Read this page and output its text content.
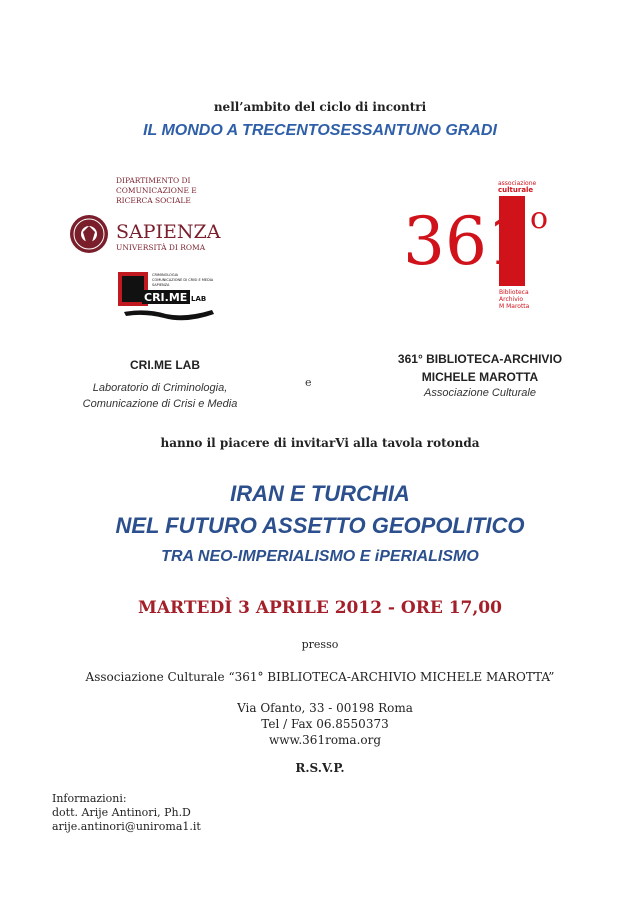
nell’ambito del ciclo di incontri
IL MONDO A TRECENTOSESSANTUNO GRADI
DIPARTIMENTO DI
COMUNICAZIONE E
RICERCA SOCIALE
SAPIENZA
UNIVERSITÀ DI ROMA
CRIMINOLOGIA
COMUNICAZIONE DI CRISI E MEDIA
SAPIENZA
CRI.ME LAB
associazione
culturale
361 o
Biblioteca
Archivio
M Marotta
CRI.ME LAB
Laboratorio di Criminologia,
Comunicazione di Crisi e Media
e
361° BIBLIOTECA-ARCHIVIO
MICHELE MAROTTA
Associazione Culturale
hanno il piacere di invitarVi alla tavola rotonda
IRAN E TURCHIA
NEL FUTURO ASSETTO GEOPOLITICO
TRA NEO-IMPERIALISMO E iPERIALISMO
MARTEDÌ 3 APRILE 2012 - ORE 17,00
presso
Associazione Culturale “361° BIBLIOTECA-ARCHIVIO MICHELE MAROTTA”
Via Ofanto, 33 - 00198 Roma
Tel / Fax 06.8550373
www.361roma.org
R.S.V.P.
Informazioni:
dott. Arije Antinori, Ph.D
arije.antinori@uniroma1.it
